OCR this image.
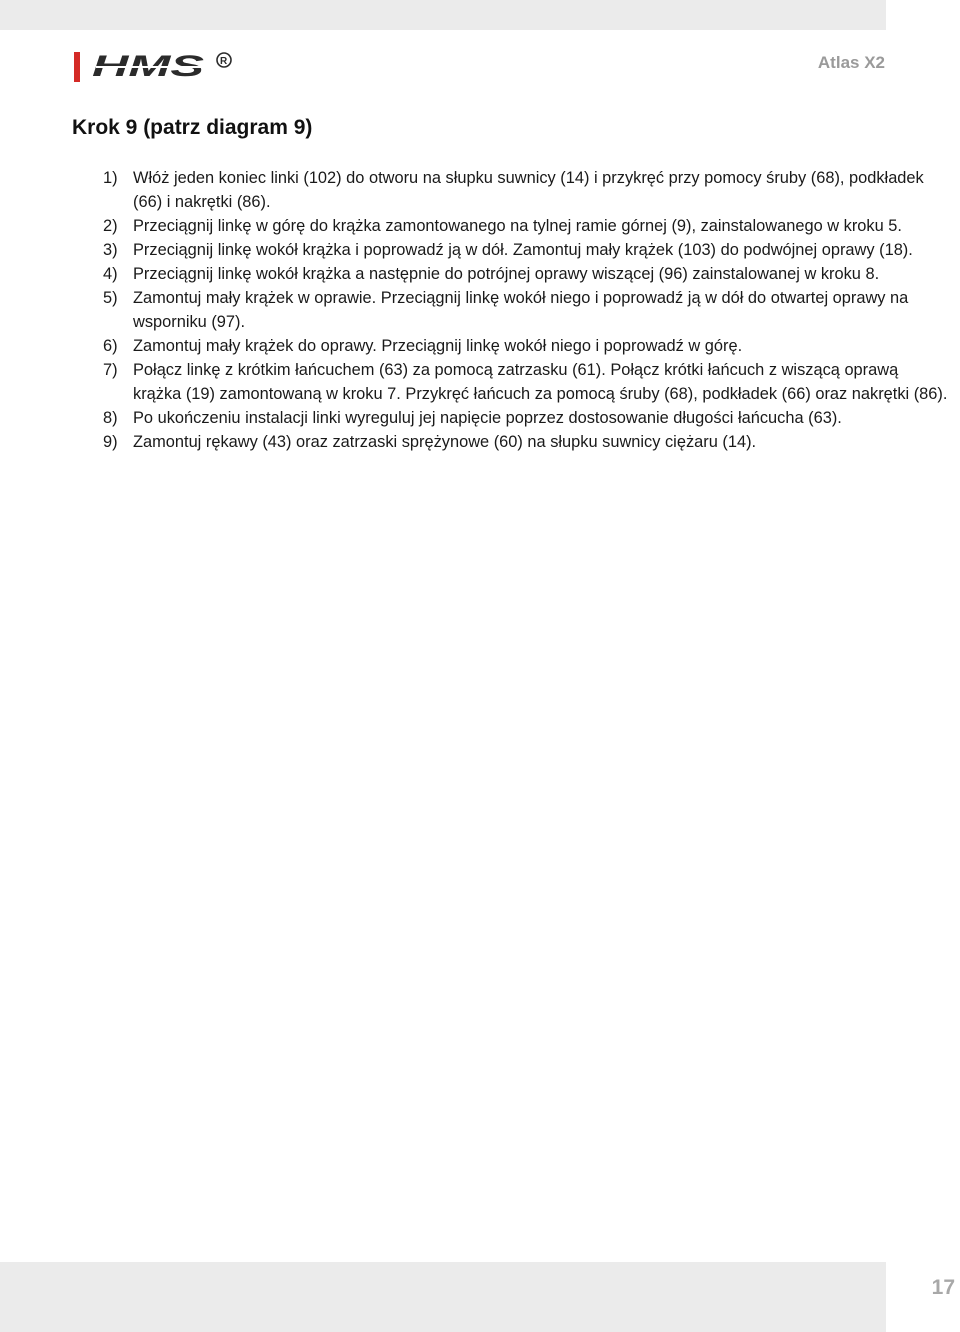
HMS R	Atlas X2
Krok 9 (patrz diagram 9)
1) Włóż jeden koniec linki (102) do otworu na słupku suwnicy (14) i przykręć przy pomocy śruby (68), podkładek (66) i nakrętki (86).
2) Przeciągnij linkę w górę do krążka zamontowanego na tylnej ramie górnej (9), zainstalowanego w kroku 5.
3) Przeciągnij linkę wokół krążka i poprowadź ją w dół. Zamontuj mały krążek (103) do podwójnej oprawy (18).
4) Przeciągnij linkę wokół krążka a następnie do potrójnej oprawy wiszącej (96) zainstalowanej w kroku 8.
5) Zamontuj mały krążek w oprawie. Przeciągnij linkę wokół niego i poprowadź ją w dół do otwartej oprawy na wsporniku (97).
6) Zamontuj mały krążek do oprawy. Przeciągnij linkę wokół niego i poprowadź w górę.
7) Połącz linkę z krótkim łańcuchem (63) za pomocą zatrzasku (61). Połącz krótki łańcuch z wiszącą oprawą krążka (19) zamontowaną w kroku 7. Przykręć łańcuch za pomocą śruby (68), podkładek (66) oraz nakrętki (86).
8) Po ukończeniu instalacji linki wyreguluj jej napięcie poprzez dostosowanie długości łańcucha (63).
9) Zamontuj rękawy (43) oraz zatrzaski sprężynowe (60) na słupku suwnicy ciężaru (14).
17
